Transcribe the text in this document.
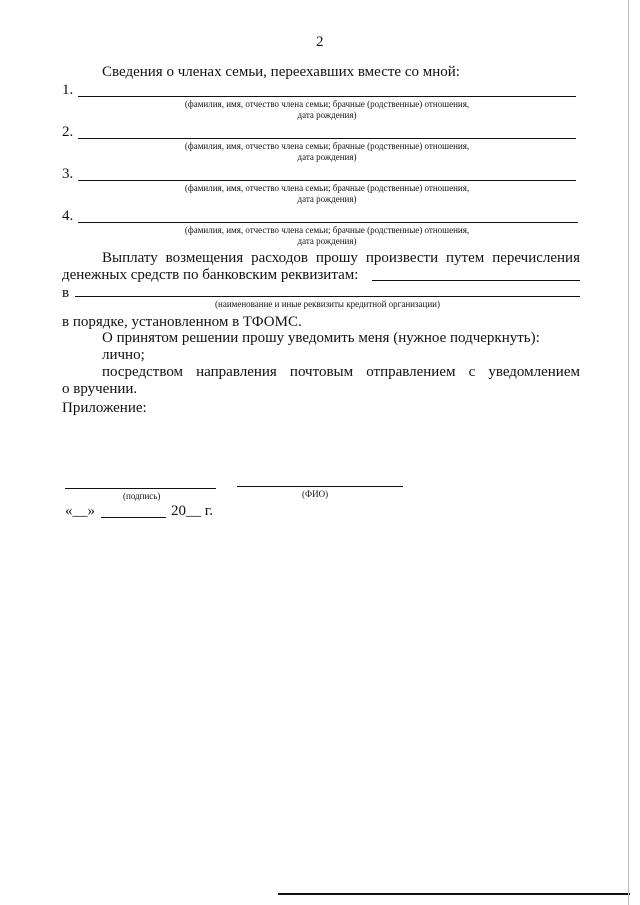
2
Сведения о членах семьи, переехавших вместе со мной:
1.
(фамилия, имя, отчество члена семьи; брачные (родственные) отношения,
дата рождения)
2.
(фамилия, имя, отчество члена семьи; брачные (родственные) отношения,
дата рождения)
3.
(фамилия, имя, отчество члена семьи; брачные (родственные) отношения,
дата рождения)
4.
(фамилия, имя, отчество члена семьи; брачные (родственные) отношения,
дата рождения)
Выплату возмещения расходов прошу произвести путем перечисления
денежных средств по банковским реквизитам:
в
(наименование и иные реквизиты кредитной организации)
в порядке, установленном в ТФОМС.
О принятом решении прошу уведомить меня (нужное подчеркнуть):
лично;
посредством направления почтовым отправлением с уведомлением
о вручении.
Приложение:
(подпись)	(ФИО)
«__»	20__ г.
